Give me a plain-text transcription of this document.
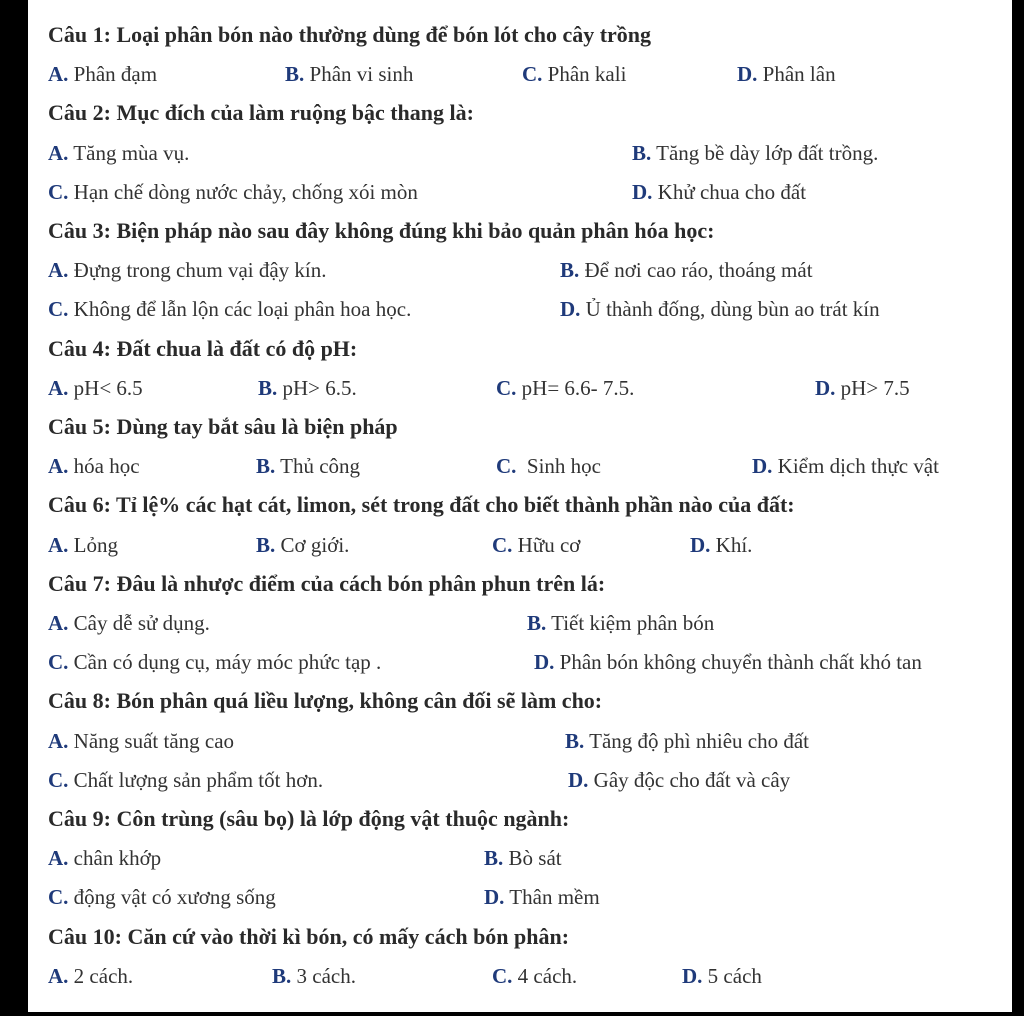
Câu 1: Loại phân bón nào thường dùng để bón lót cho cây trồng
A. Phân đạm	B. Phân vi sinh	C. Phân kali	D. Phân lân
Câu 2: Mục đích của làm ruộng bậc thang là:
A. Tăng mùa vụ.	B. Tăng bề dày lớp đất trồng.
C. Hạn chế dòng nước chảy, chống xói mòn	D. Khử chua cho đất
Câu 3: Biện pháp nào sau đây không đúng khi bảo quản phân hóa học:
A. Đựng trong chum vại đậy kín.	B. Để nơi cao ráo, thoáng mát
C. Không để lẫn lộn các loại phân hoa học.	D. Ủ thành đống, dùng bùn ao trát kín
Câu 4: Đất chua là đất có độ pH:
A. pH< 6.5	B. pH> 6.5.	C. pH= 6.6- 7.5.	D. pH> 7.5
Câu 5: Dùng tay bắt sâu là biện pháp
A. hóa học	B. Thủ công	C.  Sinh học	D. Kiểm dịch thực vật
Câu 6: Tỉ lệ% các hạt cát, limon, sét trong đất cho biết thành phần nào của đất:
A. Lỏng	B. Cơ giới.	C. Hữu cơ	D. Khí.
Câu 7: Đâu là nhược điểm của cách bón phân phun trên lá:
A. Cây dễ sử dụng.	B. Tiết kiệm phân bón
C. Cần có dụng cụ, máy móc phức tạp .	D. Phân bón không chuyển thành chất khó tan
Câu 8: Bón phân quá liều lượng, không cân đối sẽ làm cho:
A. Năng suất tăng cao	B. Tăng độ phì nhiêu cho đất
C. Chất lượng sản phẩm tốt hơn.	D. Gây độc cho đất và cây
Câu 9: Côn trùng (sâu bọ) là lớp động vật thuộc ngành:
A. chân khớp	B. Bò sát
C. động vật có xương sống	D. Thân mềm
Câu 10: Căn cứ vào thời kì bón, có mấy cách bón phân:
A. 2 cách.	B. 3 cách.	C. 4 cách.	D. 5 cách
